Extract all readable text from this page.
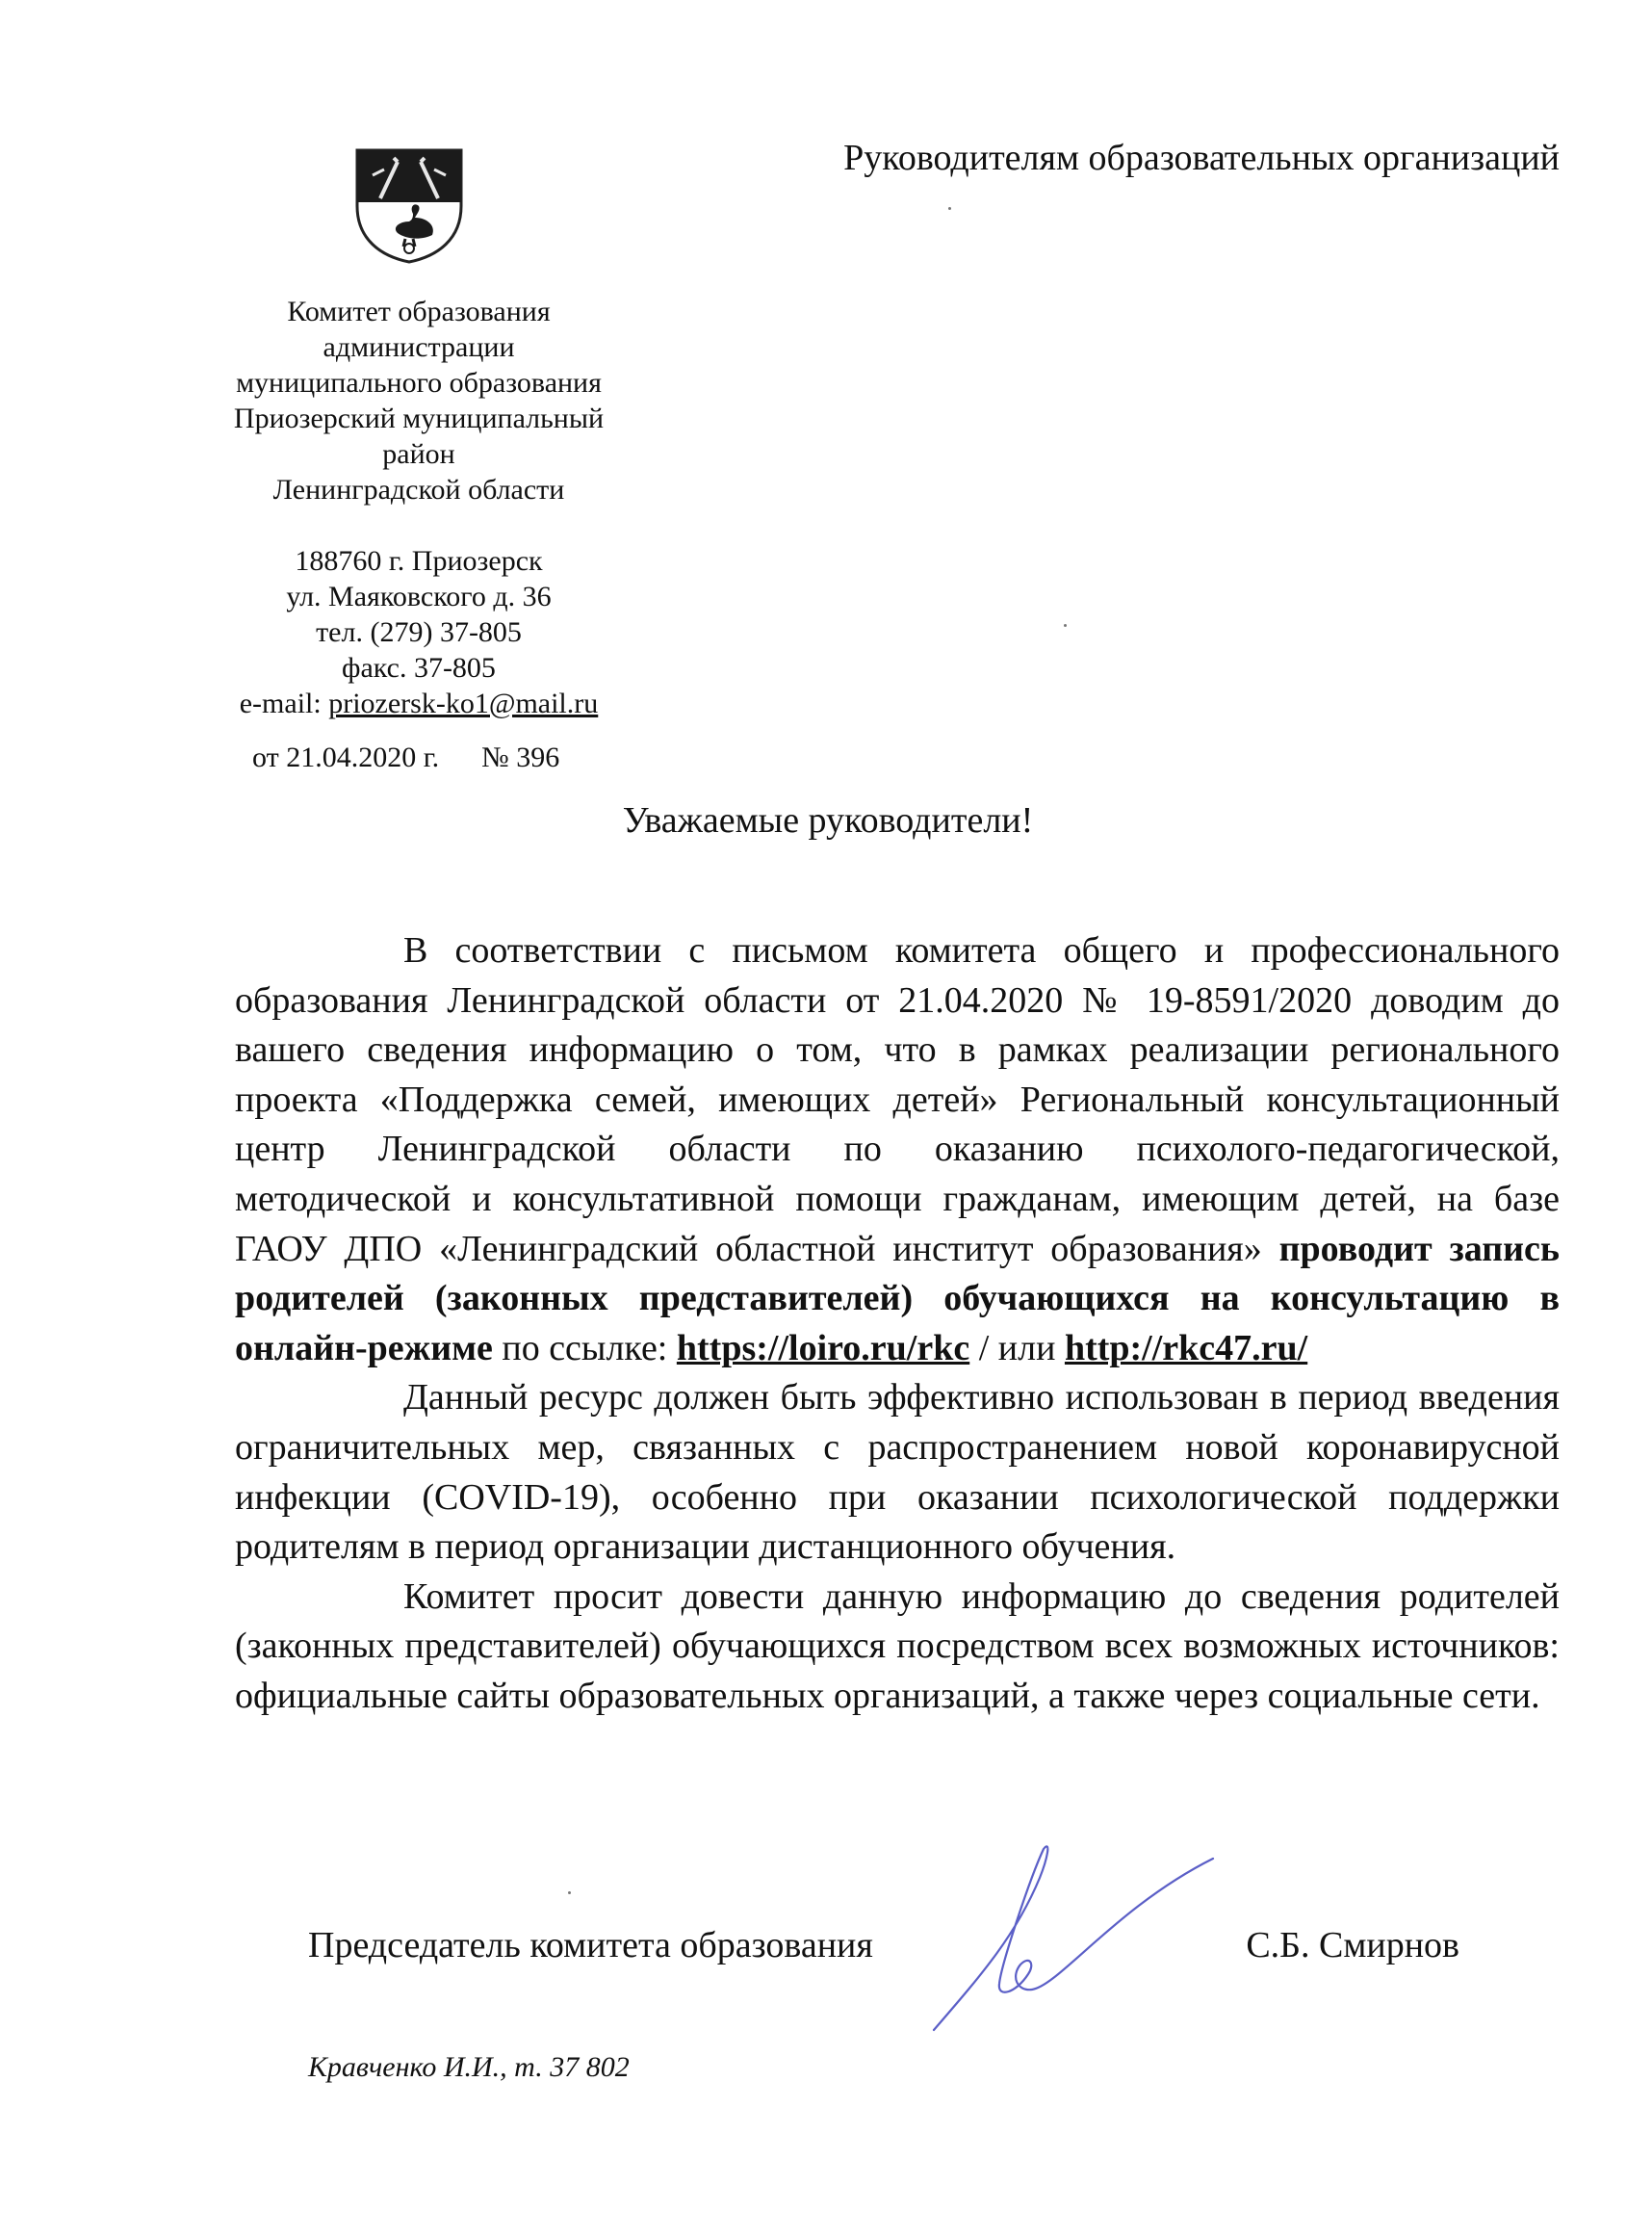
Руководителям образовательных организаций
Комитет образования
администрации
муниципального образования
Приозерский муниципальный
район
Ленинградской области
188760 г. Приозерск
ул. Маяковского д. 36
тел. (279) 37-805
факс. 37-805
e-mail: priozersk-ko1@mail.ru
от 21.04.2020 г. № 396
Уважаемые руководители!

В соответствии с письмом комитета общего и профессионального образования Ленинградской области от 21.04.2020 № 19-8591/2020 доводим до вашего сведения информацию о том, что в рамках реализации регионального проекта «Поддержка семей, имеющих детей» Региональный консультационный центр Ленинградской области по оказанию психолого-педагогической, методической и консультативной помощи гражданам, имеющим детей, на базе ГАОУ ДПО «Ленинградский областной институт образования» проводит запись родителей (законных представителей) обучающихся на консультацию в онлайн-режиме по ссылке: https://loiro.ru/rkc / или http://rkc47.ru/

Данный ресурс должен быть эффективно использован в период введения ограничительных мер, связанных с распространением новой коронавирусной инфекции (COVID-19), особенно при оказании психологической поддержки родителям в период организации дистанционного обучения.

Комитет просит довести данную информацию до сведения родителей (законных представителей) обучающихся посредством всех возможных источников: официальные сайты образовательных организаций, а также через социальные сети.

Председатель комитета образования	С.Б. Смирнов
Кравченко И.И., т. 37 802
